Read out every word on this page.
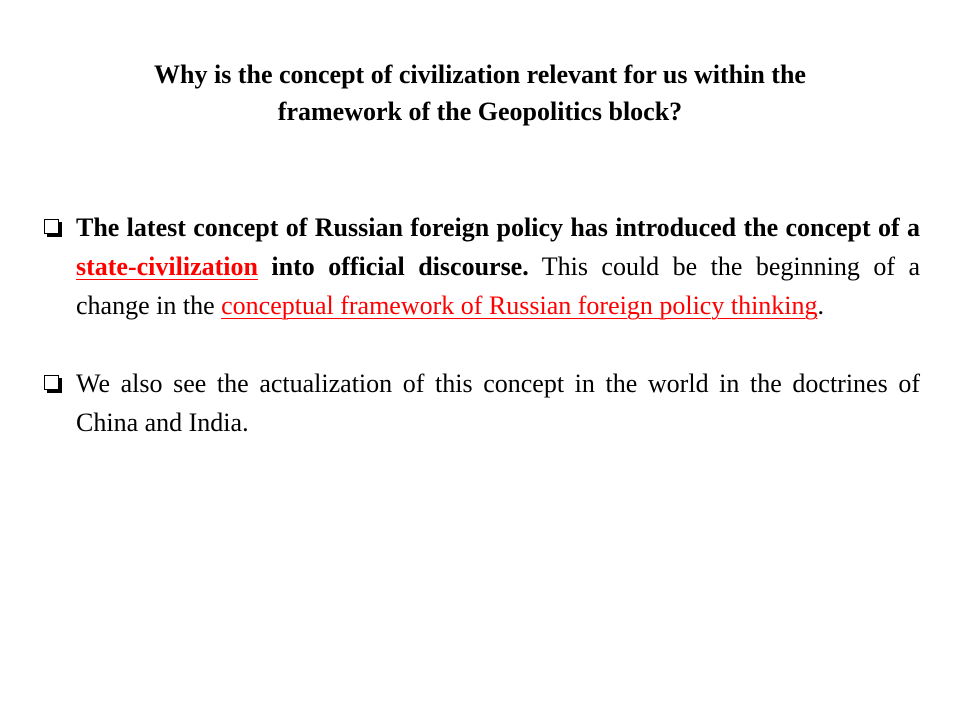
Why is the concept of civilization relevant for us within the
framework of the Geopolitics block?
The latest concept of Russian foreign policy has introduced the concept of a state-civilization into official discourse. This could be the beginning of a change in the conceptual framework of Russian foreign policy thinking.
We also see the actualization of this concept in the world in the doctrines of China and India.
